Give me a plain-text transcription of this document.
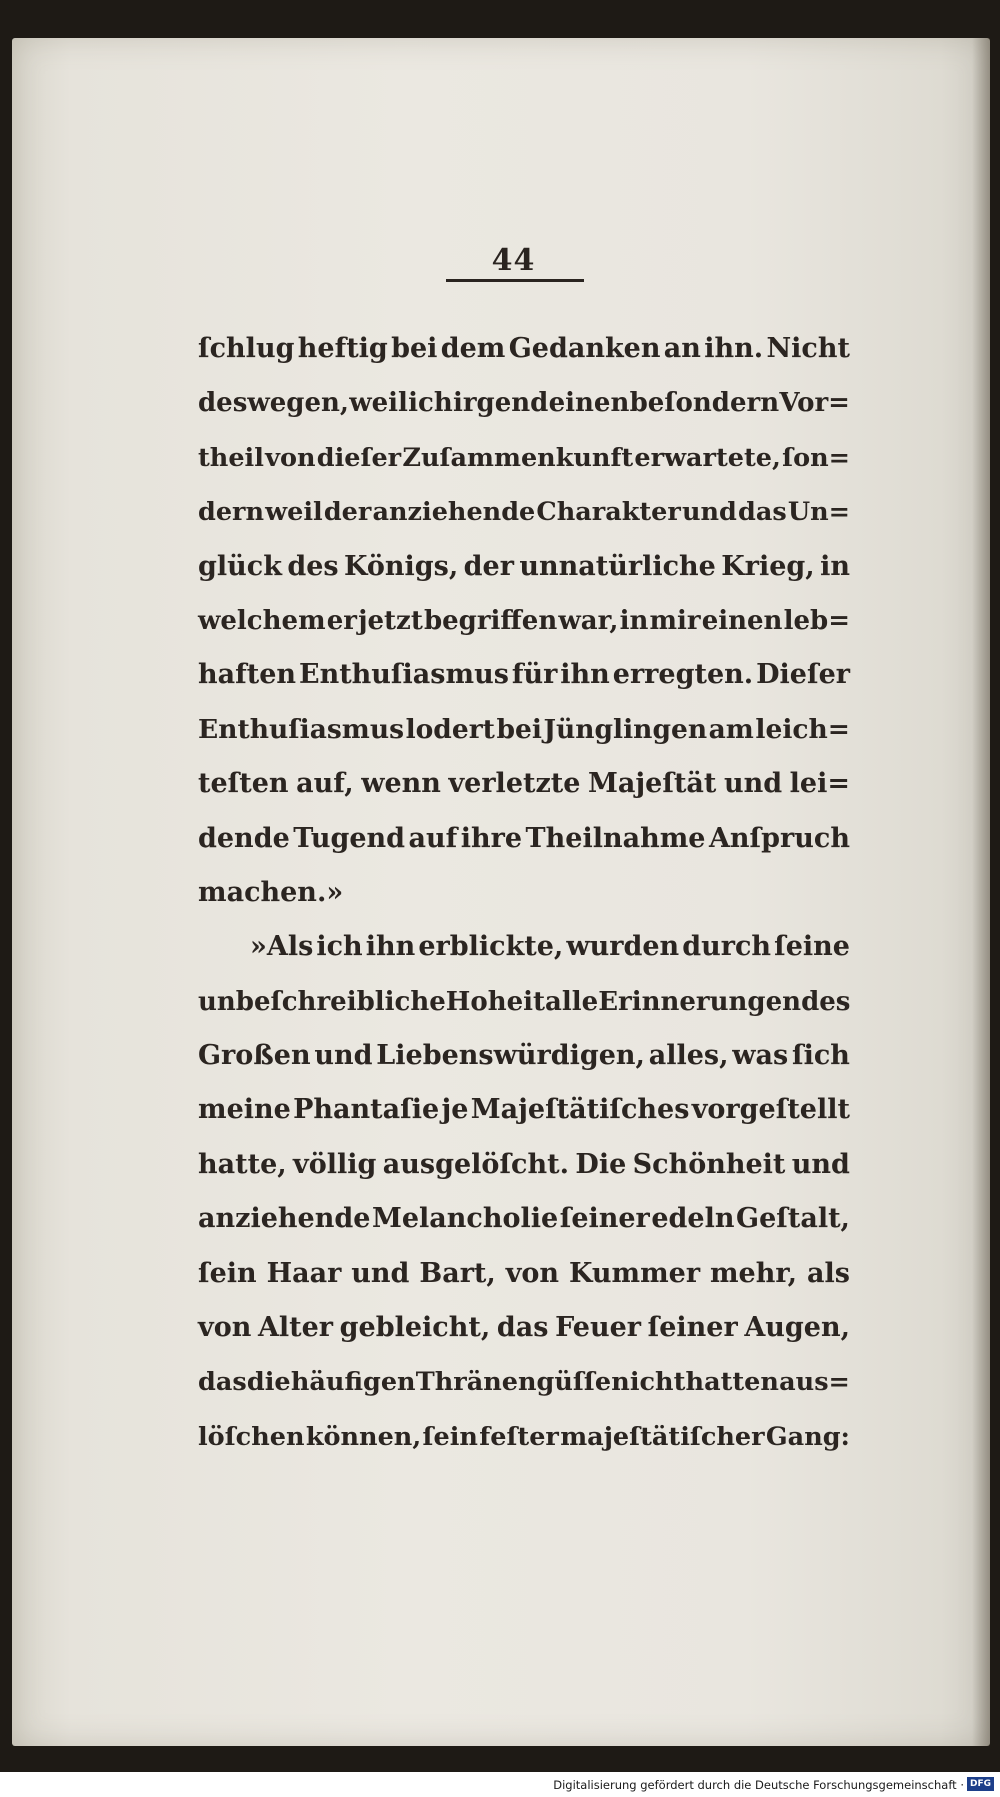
44
ſchlug heftig bei dem Gedanken an ihn. Nicht
deswegen, weil ich irgend einen beſondern Vor=
theil von dieſer Zuſammenkunft erwartete, ſon=
dern weil der anziehende Charakter und das Un=
glück des Königs, der unnatürliche Krieg, in
welchem er jetzt begriffen war, in mir einen leb=
haften Enthuſiasmus für ihn erregten. Dieſer
Enthuſiasmus lodert bei Jünglingen am leich=
teſten auf, wenn verletzte Majeſtät und lei=
dende Tugend auf ihre Theilnahme Anſpruch
machen.»
»Als ich ihn erblickte, wurden durch ſeine
unbeſchreibliche Hoheit alle Erinnerungen des
Großen und Liebenswürdigen, alles, was ſich
meine Phantaſie je Majeſtätiſches vorgeſtellt
hatte, völlig ausgelöſcht. Die Schönheit und
anziehende Melancholie ſeiner edeln Geſtalt,
ſein Haar und Bart, von Kummer mehr, als
von Alter gebleicht, das Feuer ſeiner Augen,
das die häufigen Thränengüſſe nicht hatten aus=
löſchen können, ſein feſter majeſtätiſcher Gang:
Digitalisierung gefördert durch die Deutsche Forschungsgemeinschaft · DFG
